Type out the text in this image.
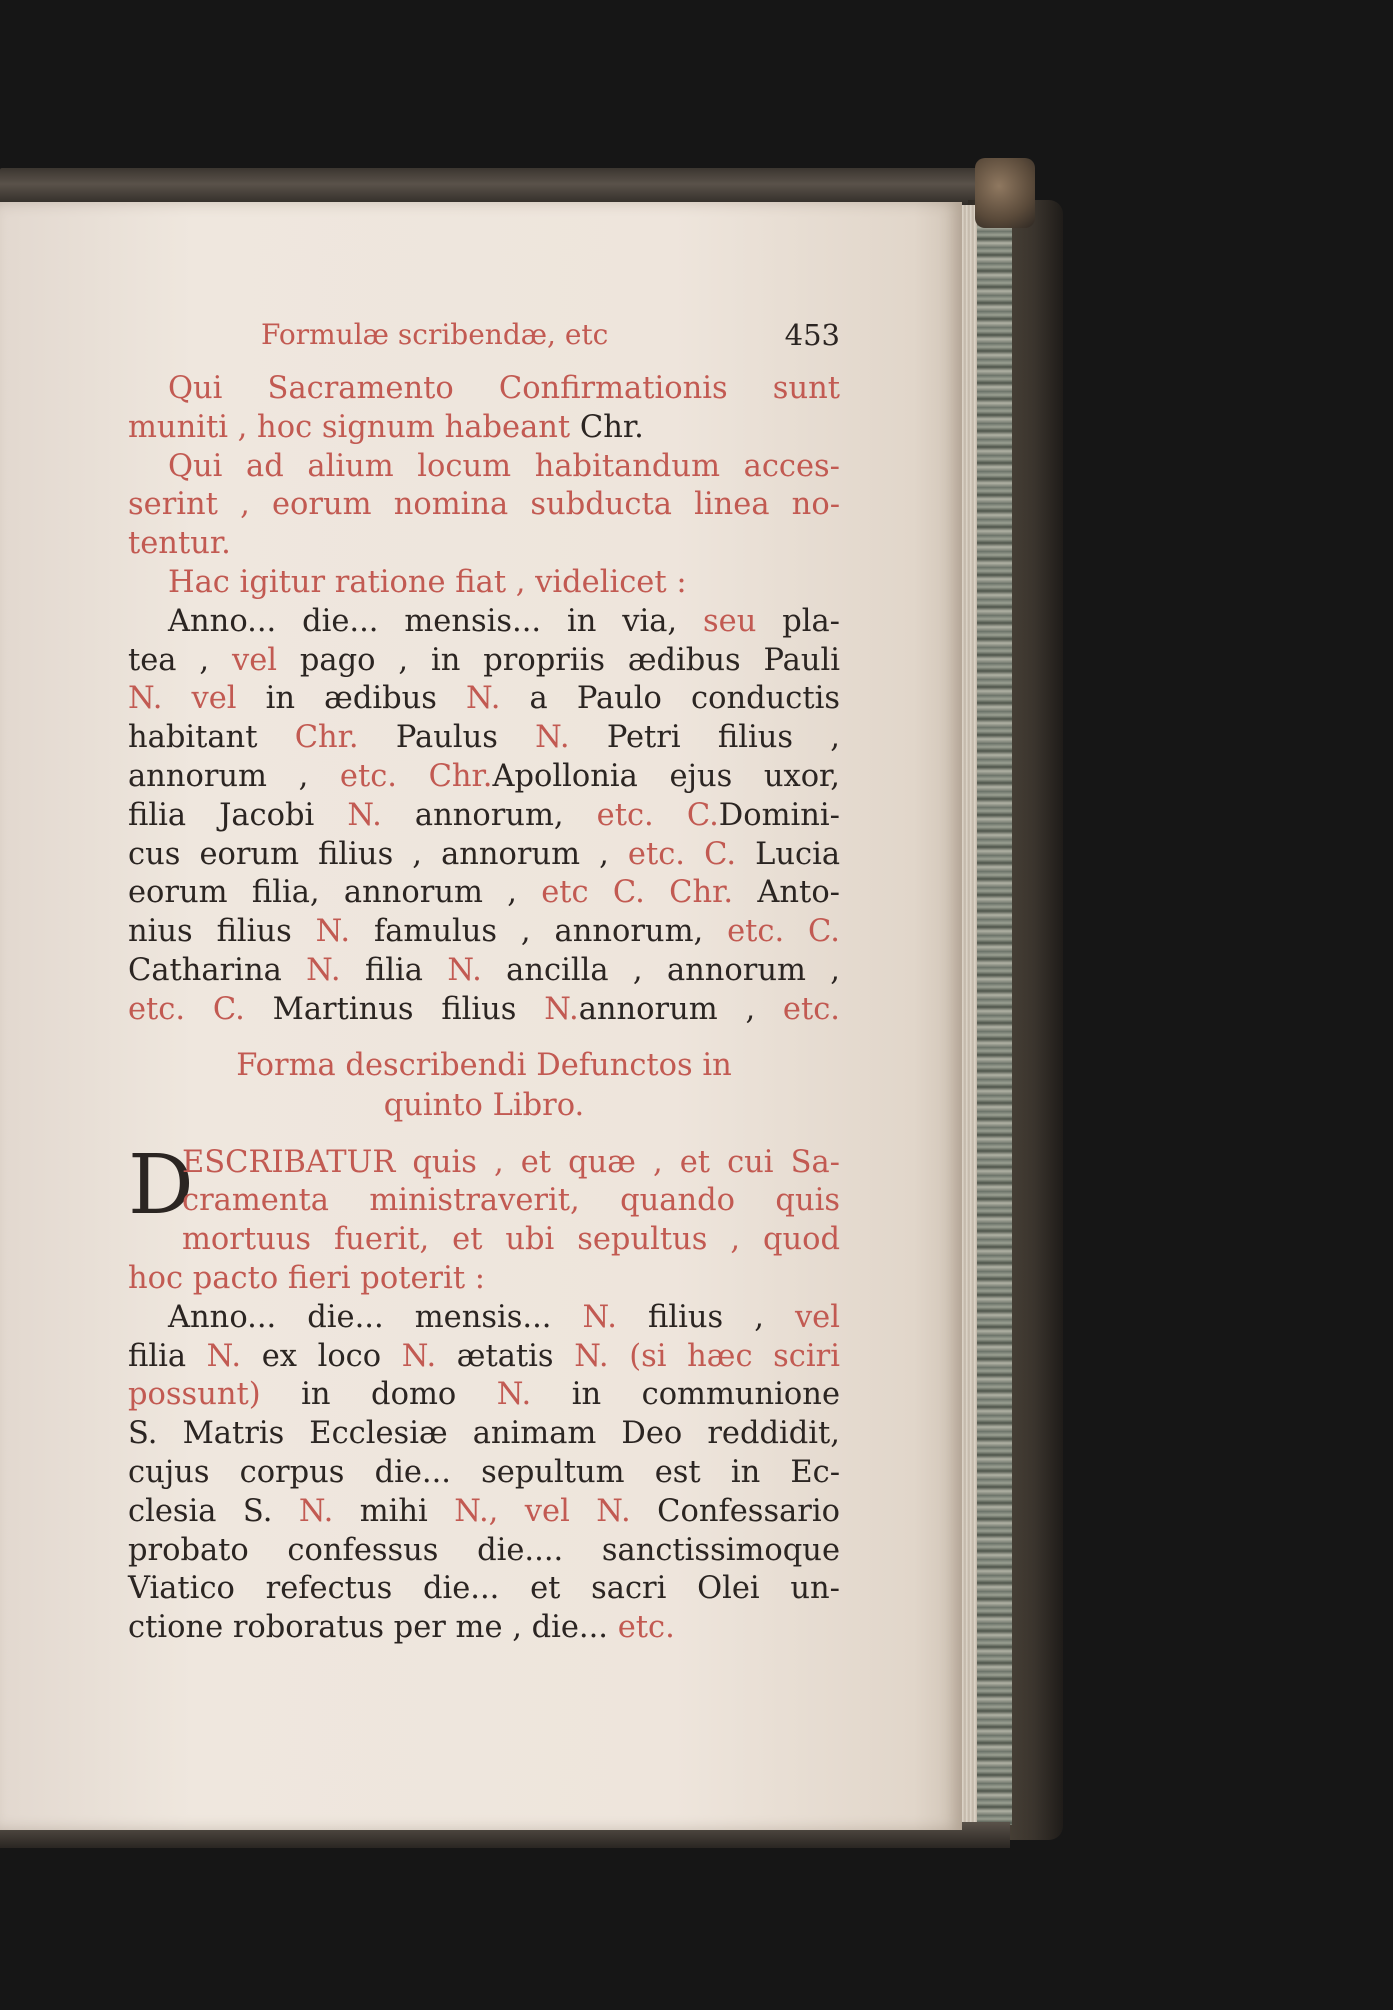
Formulæ scribendæ, etc	453
Qui Sacramento Confirmationis sunt
muniti , hoc signum habeant Chr.
Qui ad alium locum habitandum acces-
serint , eorum nomina subducta linea no-
tentur.
Hac igitur ratione fiat , videlicet :
Anno... die... mensis... in via, seu pla-
tea , vel pago , in propriis ædibus Pauli
N. vel in ædibus N. a Paulo conductis
habitant Chr. Paulus N. Petri filius ,
annorum , etc. Chr.Apollonia ejus uxor,
filia Jacobi N. annorum, etc. C.Domini-
cus eorum filius , annorum , etc. C. Lucia
eorum filia, annorum , etc C. Chr. Anto-
nius filius N. famulus , annorum, etc. C.
Catharina N. filia N. ancilla , annorum ,
etc. C. Martinus filius N.annorum , etc.
Forma describendi Defunctos in
quinto Libro.
D
ESCRIBATUR quis , et quæ , et cui Sa-
cramenta ministraverit, quando quis
mortuus fuerit, et ubi sepultus , quod
hoc pacto fieri poterit :
Anno... die... mensis... N. filius , vel
filia N. ex loco N. ætatis N. (si hæc sciri
possunt) in domo N. in communione
S. Matris Ecclesiæ animam Deo reddidit,
cujus corpus die... sepultum est in Ec-
clesia S. N. mihi N., vel N. Confessario
probato confessus die.... sanctissimoque
Viatico refectus die... et sacri Olei un-
ctione roboratus per me , die... etc.
